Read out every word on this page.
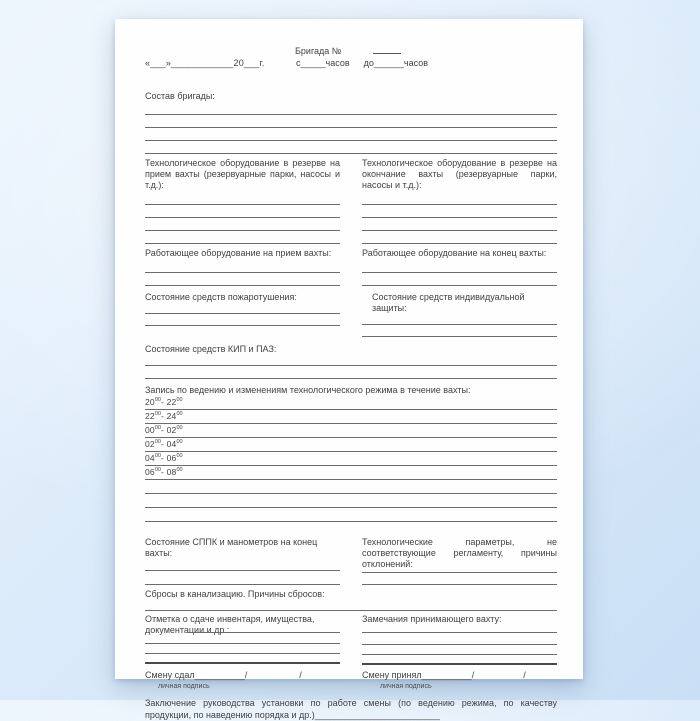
Бригада №
«___»____________20___г.	с_____часов до______часов
Состав бригады:
Технологическое оборудование в резерве на прием вахты (резервуарные парки, насосы и т.д.):
Технологическое оборудование в резерве на окончание вахты (резервуарные парки, насосы и т.д.):
Работающее оборудование на прием вахты:	Работающее оборудование на конец вахты:
Состояние средств пожаротушения:	Состояние средств индивидуальной защиты:
Состояние средств КИП и ПАЗ:
Запись по ведению и изменениям технологического режима в течение вахты:
$20^{00}-$ $22^{00}$
$22^{00}-$ $24^{00}$
$00^{00}-$ $02^{00}$
$02^{00}-$ $04^{00}$
$04^{00}-$ $06^{00}$
$06^{00}-$ $08^{00}$
Состояние СППК и манометров на конец вахты:
Технологические параметры, не соответствующие регламенту, причины отклонений:
Сбросы в канализацию. Причины сбросов:
Отметка о сдаче инвентаря, имущества, документации и др.:
Замечания принимающего вахту:
Смену сдал__________/	/	Смену принял__________/	/
личная подпись	личная подпись
Заключение руководства установки по работе смены (по ведению режима, по качеству продукции, по наведению порядка и др.)_________________________
